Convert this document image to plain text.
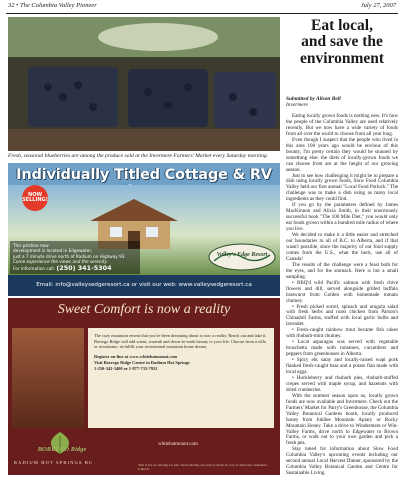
32 • The Columbia Valley Pioneer	July 27, 2007
Fresh, seasonal blueberries are among the produce sold at the Invermere Farmers' Market every Saturday morning.
Individually Titled Cottage & RV
NOW SELLING!
This pristine new
development is located in Edgewater,
just a 7 minute drive north of Radium on Highway 93.
Come experience the views and the serenity.
For information call: (250) 341-5304
Valley's Edge Resort
Email: info@valleysedgeresort.ca or visit our web: www.valleysedgeresort.ca
Sweet Comfort is now a reality
The cozy mountain retreat that you've been dreaming about is now a reality. Reach out and take it. Borrego Ridge will add warm, warmth and down-to-earth beauty to your life. Choose from a villa or townhome, in-fulfill your recreational mountain home dream.
Register on-line at www.whitehatmount.com
Visit Borrego Ridge Centre in Radium Hot Springs
1-250-342-3400 or 1-877-733-7952
BORREGO Ridge
whitehatmount.com
RADIUM HOT SPRINGS BC	This is not an offering for sale. Such offering can only be made by way of disclosure statement. E.&O.E.
Eat local,
and save the
environment
Submitted by Alison Bell
Invermere

Eating locally grown foods is nothing new. It's how the people of the Columbia Valley are used relatively recently. But we now have a wide variety of foods from all over the world to choose from all year long.

Even though I suspect that the people who lived in this area 100 years ago would be envious of this bounty, I'm pretty certain they would be stunned by something else: the diets of locally-grown foods we can choose from are at the height of our growing season.

Just to see how challenging it might be to prepare a dish using locally grown foods, Slow Food Columbia Valley held our first annual "Local Food Potluck." The challenge was to make a dish using as many local ingredients as they could find.

If you go by the parameters defined by James MacKinnon and Alicia Smith, in their enormously successful book "The 100 Mile Diet," you would only eat foods grown within a hundred mile radius of where you live.

We decided to make it a little easier and stretched our boundaries to all of B.C. to Alberta, and if that wasn't possible, since the majority of our food supply comes from the U.S., what the heck, use all of Canada!

The results of the challenge were a feast both for the eyes, and for the stomach. Here is but a small sampling:

• BBQ'd wild Pacific salmon with fresh chive flowers and dill, served alongside grilled buffalo bratwurst from Golden with homemade tomato chutney.

• Fresh picked sorrel, spinach and arugula salad with fresh herbs and roast chicken from Parson's Chinadoll Farms, stuffed with local garlic bulbs and lavender.

• Fresh-caught rainbow trout became fish cakes with rhubarb-mint chutney.

• Local asparagus was served with vegetable bruschetta made with tomatoes, cucumbers and peppers from greenhouses in Alberta.

• Spicy elk satay and locally-raised wapi pork flanked fresh-caught bass and a potato flan made with local eggs.

• Huckleberry and rhubarb pies, rhubarb-stuffed crepes served with maple syrup, and hazenuts with dried cranberries.

With the summer season upon us, locally grown foods are now available and Invermere. Check out the Farmers' Market for Parry's Greenhouse, the Columbia Valley Botanical Gardens booth, locally produced honey from Jubilee Mountain Apiary or Rocky Mountain Honey. Take a drive to Windermere or Win-Valley Farms, drive north to Edgewater to Brown Farms, or walk out to your own garden and pick a fresh pea.

Stay tuned for information about Slow Food Columbia Valley's upcoming events including our second annual Local Harvest Dinner, sponsored by the Columbia Valley Botanical Garden and Centre for Sustainable Living.
